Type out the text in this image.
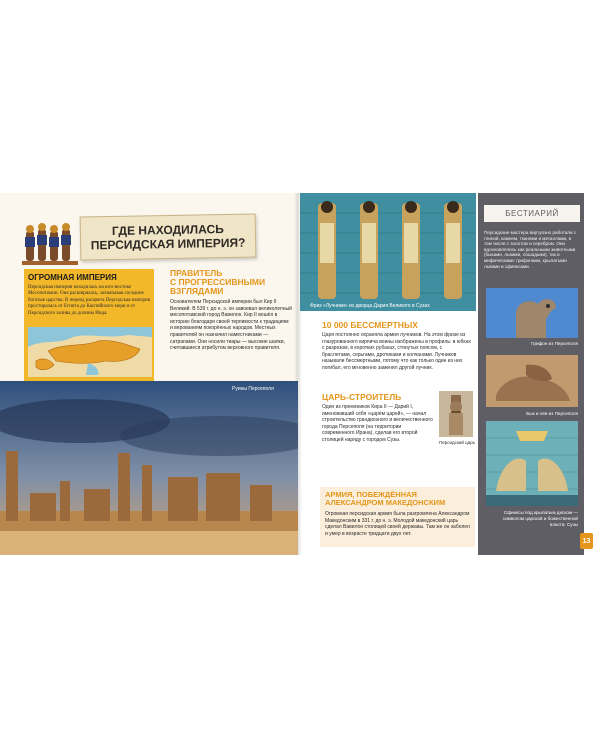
ГДЕ НАХОДИЛАСЬ
ПЕРСИДСКАЯ ИМПЕРИЯ?
ОГРОМНАЯ ИМПЕРИЯ
Персидская империя находилась на юго-востоке Месопотамии. Она расширялась, захватывая соседние богатые царства. В период расцвета Персидская империя простиралась от Египта до Каспийского моря и от Персидского залива до долины Инда.
ПРАВИТЕЛЬ
С ПРОГРЕССИВНЫМИ
ВЗГЛЯДАМИ
Основателем Персидской империи был Кир II Великий. В 539 г. до н. э. он завоевал великолепный месопотамский город Вавилон. Кир II вошёл в историю благодаря своей терпимости к традициям и верованиям покорённых народов. Местных правителей он назначил наместниками — сатрапами. Они носили тиары — высокие шапки, считавшиеся атрибутом верховного правителя.
Руины Персеполя
Фриз «Лучники» из дворца Дария Великого в Сузах
10 000 БЕССМЕРТНЫХ
Царя постоянно охраняла армия лучников. На этом фризе из глазурованного кирпича воины изображены в профиль: в юбках с разрезом, в коротких рубахах, стянутых поясом, с браслетами, серьгами, дротиками и колчанами. Лучников называли бессмертными, потому что как только один из них погибал, его мгновенно заменял другой лучник.
ЦАРЬ-СТРОИТЕЛЬ
Один из преемников Кира II — Дарий I, именовавший себя «царём царей», — начал строительство грандиозного и величественного города Персеполя (на территории современного Ирана), сделав его второй столицей наряду с городом Сузы.	Персидский царь
АРМИЯ, ПОБЕЖДЁННАЯ
АЛЕКСАНДРОМ МАКЕДОНСКИМ
Огромная персидская армия была разгромлена Александром Македонским в 331 г. до н. э. Молодой македонский царь сделал Вавилон столицей своей державы. Там же он заболел и умер в возрасте тридцати двух лет.
БЕСТИАРИЙ
Персидские мастера виртуозно работали с глиной, камнем, тканями и металлами, в том числе с золотом и серебром. Они вдохновлялись как реальными животными (быками, львами, лошадьми), так и мифическими: грифонами, крылатыми львами и сфинксами.
Грифон из Персеполя
Бык и лев из Персеполя
Сфинксы под крылатым диском — символом царской и божественной власти. Сузы
13
